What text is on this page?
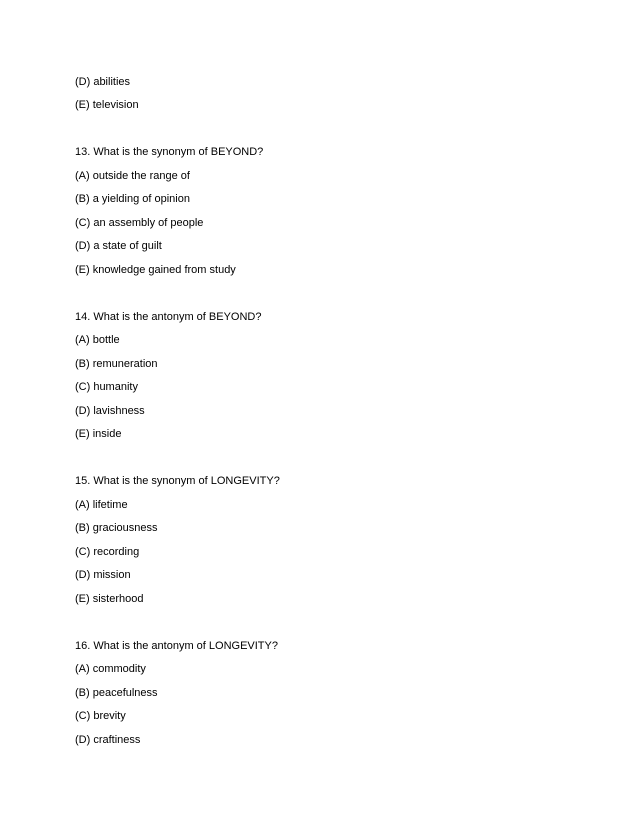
(D) abilities
(E) television
13. What is the synonym of BEYOND?
(A) outside the range of
(B) a yielding of opinion
(C) an assembly of people
(D) a state of guilt
(E) knowledge gained from study
14. What is the antonym of BEYOND?
(A) bottle
(B) remuneration
(C) humanity
(D) lavishness
(E) inside
15. What is the synonym of LONGEVITY?
(A) lifetime
(B) graciousness
(C) recording
(D) mission
(E) sisterhood
16. What is the antonym of LONGEVITY?
(A) commodity
(B) peacefulness
(C) brevity
(D) craftiness
